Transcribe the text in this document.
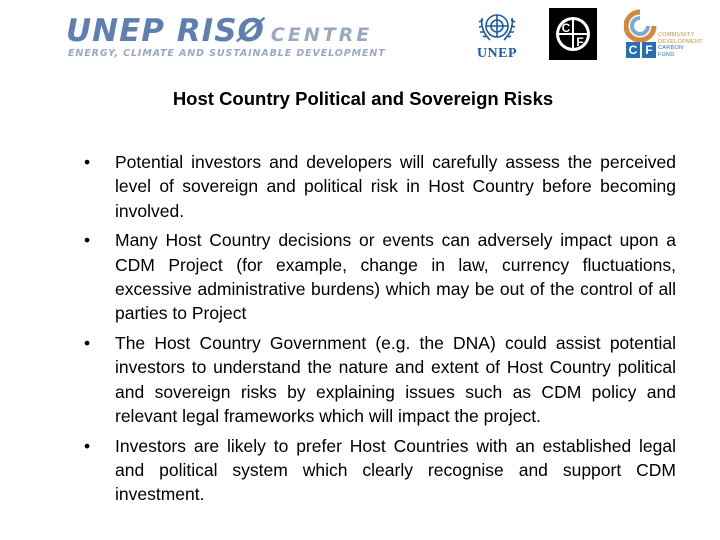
UNEP RISØ CENTRE
ENERGY, CLIMATE AND SUSTAINABLE DEVELOPMENT	UNEP
C
F
C F
COMMUNITY
DEVELOPMENT
CARBON
FUND
Host Country Political and Sovereign Risks
•	Potential investors and developers will carefully assess the perceived level of sovereign and political risk in Host Country before becoming involved.
•	Many Host Country decisions or events can adversely impact upon a CDM Project (for example, change in law, currency fluctuations, excessive administrative burdens) which may be out of the control of all parties to Project
•	The Host Country Government (e.g. the DNA) could assist potential investors to understand the nature and extent of Host Country political and sovereign risks by explaining issues such as CDM policy and relevant legal frameworks which will impact the project.
•	Investors are likely to prefer Host Countries with an established legal and political system which clearly recognise and support CDM investment.
